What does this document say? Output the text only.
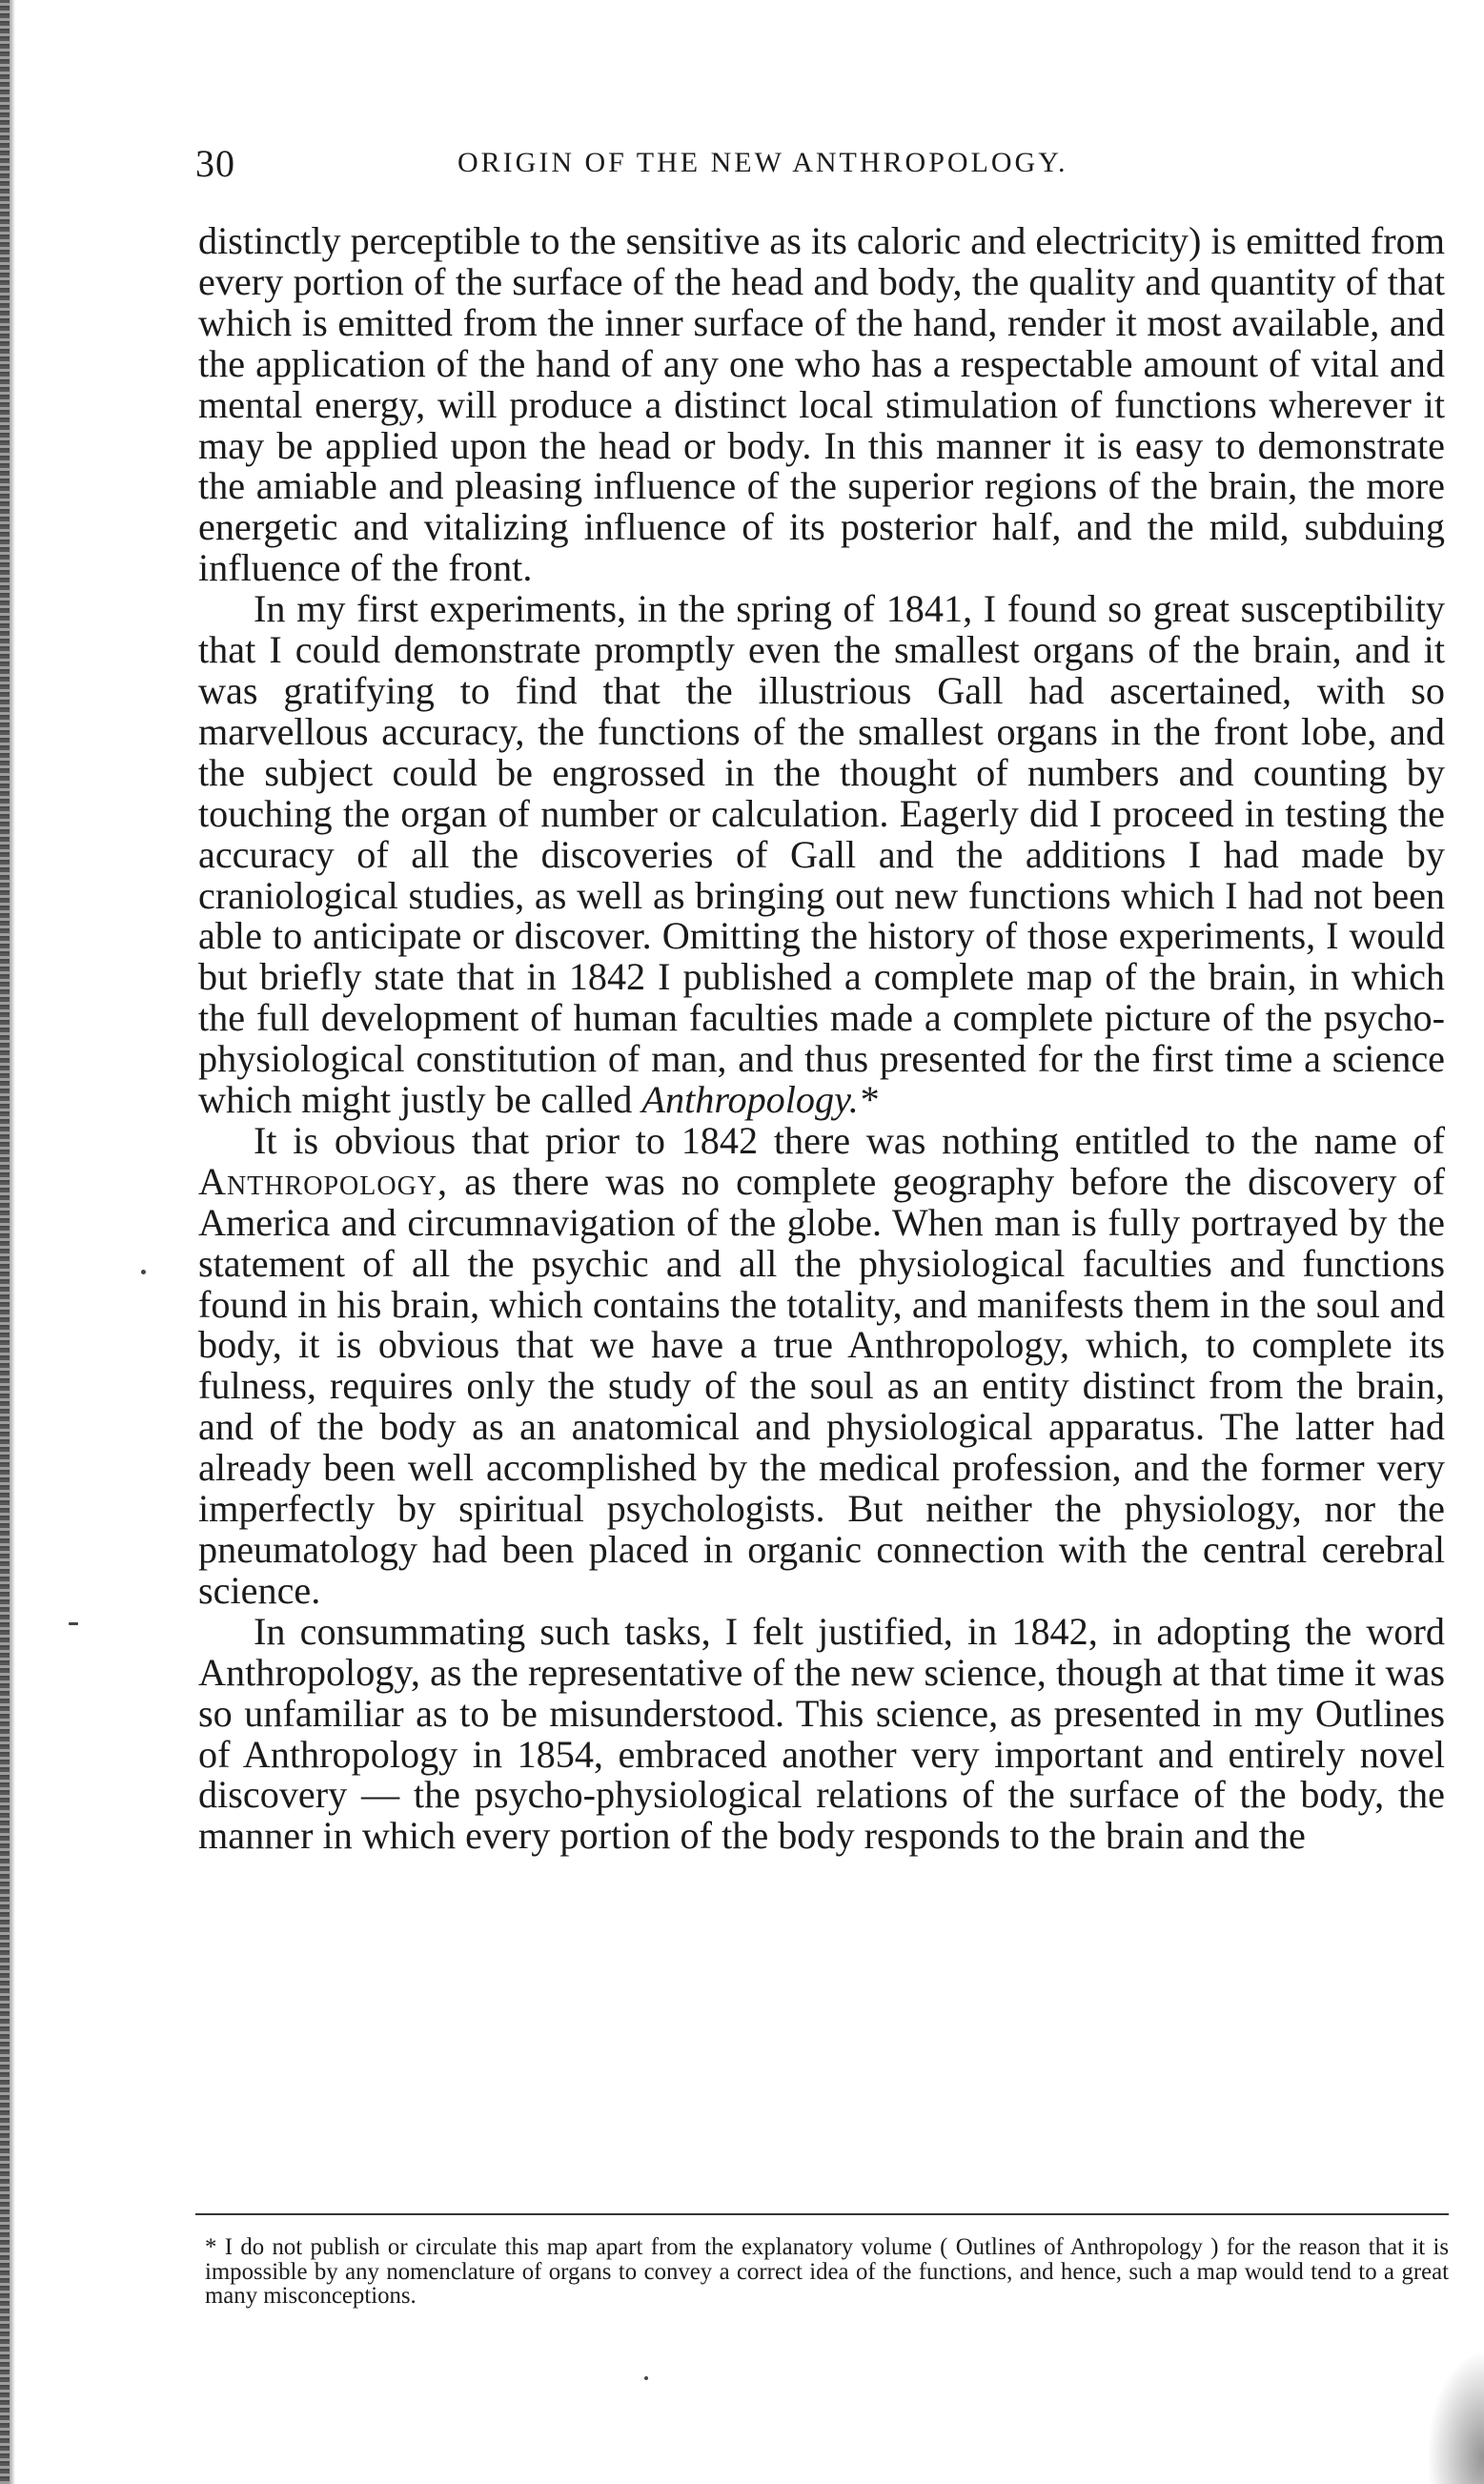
30	ORIGIN OF THE NEW ANTHROPOLOGY.

distinctly perceptible to the sensitive as its caloric and electricity) is emitted from every portion of the surface of the head and body, the quality and quantity of that which is emitted from the inner surface of the hand, render it most available, and the application of the hand of any one who has a respectable amount of vital and mental energy, will produce a distinct local stimulation of functions wherever it may be applied upon the head or body. In this manner it is easy to demonstrate the amiable and pleasing influence of the superior regions of the brain, the more energetic and vitalizing influence of its posterior half, and the mild, subduing influence of the front.

In my first experiments, in the spring of 1841, I found so great susceptibility that I could demonstrate promptly even the smallest organs of the brain, and it was gratifying to find that the illustrious Gall had ascertained, with so marvellous accuracy, the functions of the smallest organs in the front lobe, and the subject could be engrossed in the thought of numbers and counting by touching the organ of number or calculation. Eagerly did I proceed in testing the accuracy of all the discoveries of Gall and the additions I had made by craniological studies, as well as bringing out new functions which I had not been able to anticipate or discover. Omitting the history of those experiments, I would but briefly state that in 1842 I published a complete map of the brain, in which the full development of human faculties made a complete picture of the psycho-physiological constitution of man, and thus presented for the first time a science which might justly be called Anthropology.*

It is obvious that prior to 1842 there was nothing entitled to the name of Anthropology, as there was no complete geography before the discovery of America and circumnavigation of the globe. When man is fully portrayed by the statement of all the psychic and all the physiological faculties and functions found in his brain, which contains the totality, and manifests them in the soul and body, it is obvious that we have a true Anthropology, which, to complete its fulness, requires only the study of the soul as an entity distinct from the brain, and of the body as an anatomical and physiological apparatus. The latter had already been well accomplished by the medical profession, and the former very imperfectly by spiritual psychologists. But neither the physiology, nor the pneumatology had been placed in organic connection with the central cerebral science.

In consummating such tasks, I felt justified, in 1842, in adopting the word Anthropology, as the representative of the new science, though at that time it was so unfamiliar as to be misunderstood. This science, as presented in my Outlines of Anthropology in 1854, embraced another very important and entirely novel discovery — the psycho-physiological relations of the surface of the body, the manner in which every portion of the body responds to the brain and the

* I do not publish or circulate this map apart from the explanatory volume ( Outlines of Anthropology ) for the reason that it is impossible by any nomenclature of organs to convey a correct idea of the functions, and hence, such a map would tend to a great many misconceptions.
